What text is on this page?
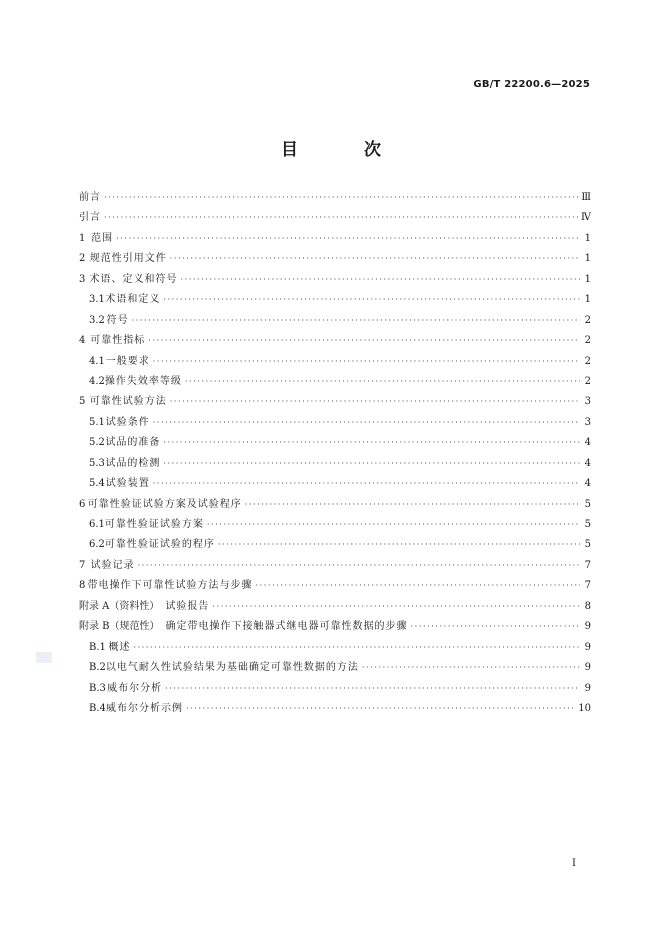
GB/T 22200.6—2025
目 次
前言 ·····	Ⅲ
引言 ·····	Ⅳ
1 范围 ·····	1
2 规范性引用文件 ·····	1
3 术语、定义和符号 ·····	1
3.1 术语和定义 ·····	1
3.2 符号 ·····	2
4 可靠性指标 ·····	2
4.1 一般要求 ·····	2
4.2 操作失效率等级 ·····	2
5 可靠性试验方法 ·····	3
5.1 试验条件 ·····	3
5.2 试品的准备 ·····	4
5.3 试品的检测 ·····	4
5.4 试验装置 ·····	4
6 可靠性验证试验方案及试验程序 ·····	5
6.1 可靠性验证试验方案 ·····	5
6.2 可靠性验证试验的程序 ·····	5
7 试验记录 ·····	7
8 带电操作下可靠性试验方法与步骤 ·····	7
附录 A（资料性） 试验报告 ·····	8
附录 B（规范性） 确定带电操作下接触器式继电器可靠性数据的步骤 ·····	9
B.1 概述 ·····	9
B.2 以电气耐久性试验结果为基础确定可靠性数据的方法 ·····	9
B.3 威布尔分析 ·····	9
B.4 威布尔分析示例 ·····	10
I
